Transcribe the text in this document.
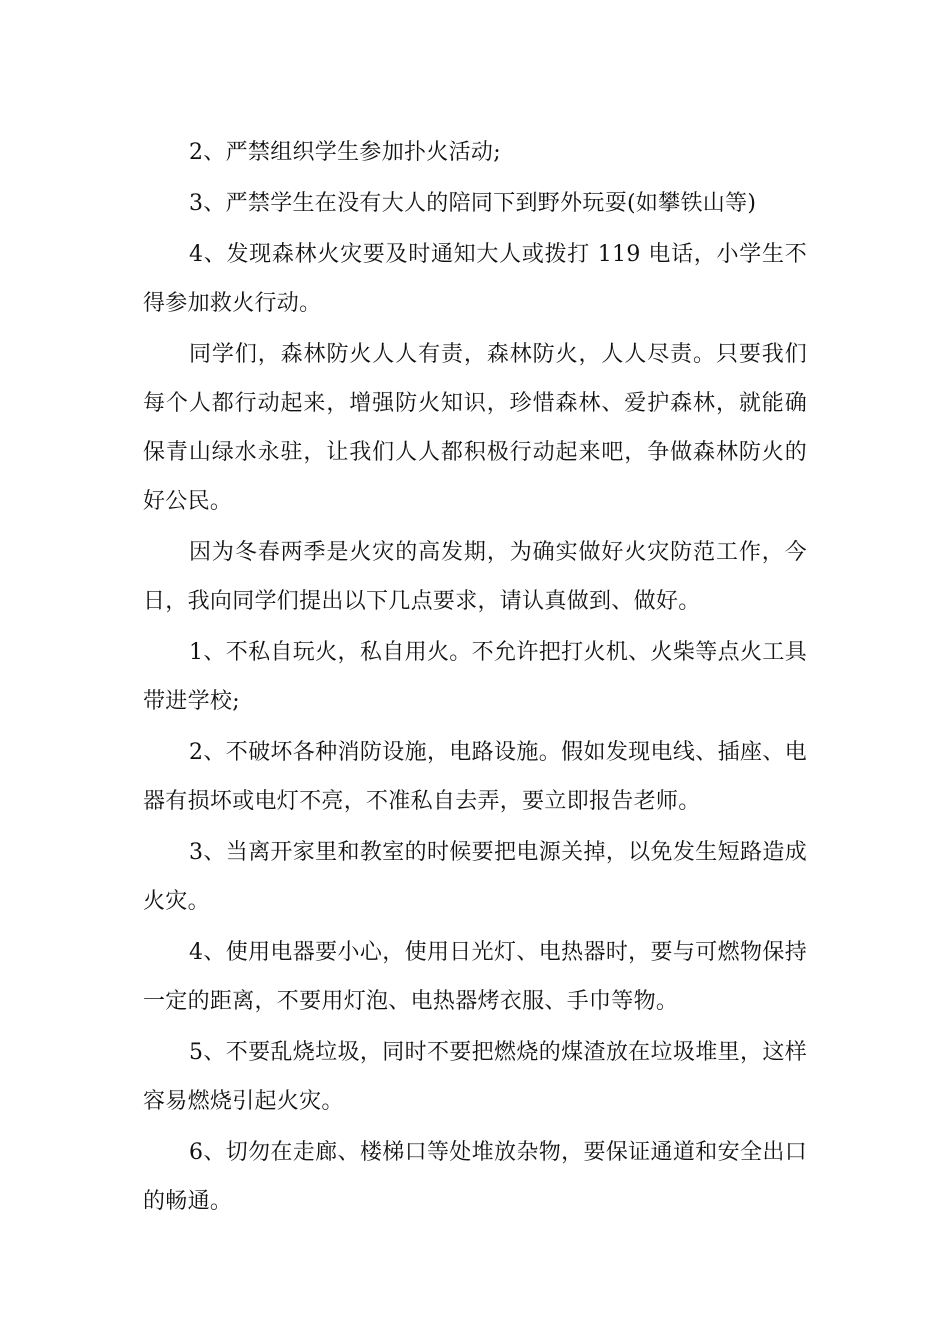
2、严禁组织学生参加扑火活动;

3、严禁学生在没有大人的陪同下到野外玩耍(如攀铁山等)

4、发现森林火灾要及时通知大人或拨打 119 电话，小学生不得参加救火行动。

同学们，森林防火人人有责，森林防火，人人尽责。只要我们每个人都行动起来，增强防火知识，珍惜森林、爱护森林，就能确保青山绿水永驻，让我们人人都积极行动起来吧，争做森林防火的好公民。

因为冬春两季是火灾的高发期，为确实做好火灾防范工作，今日，我向同学们提出以下几点要求，请认真做到、做好。

1、不私自玩火，私自用火。不允许把打火机、火柴等点火工具带进学校;

2、不破坏各种消防设施，电路设施。假如发现电线、插座、电器有损坏或电灯不亮，不准私自去弄，要立即报告老师。

3、当离开家里和教室的时候要把电源关掉，以免发生短路造成火灾。

4、使用电器要小心，使用日光灯、电热器时，要与可燃物保持一定的距离，不要用灯泡、电热器烤衣服、手巾等物。

5、不要乱烧垃圾，同时不要把燃烧的煤渣放在垃圾堆里，这样容易燃烧引起火灾。

6、切勿在走廊、楼梯口等处堆放杂物，要保证通道和安全出口的畅通。
